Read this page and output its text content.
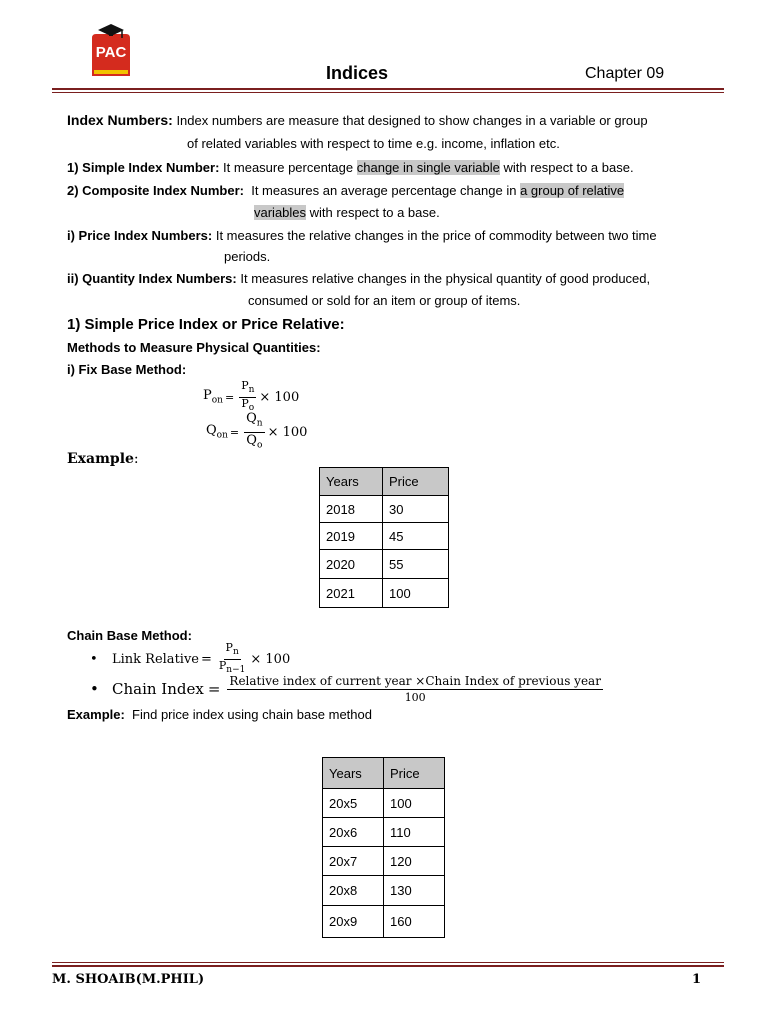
PAC
Indices	Chapter 09
Index Numbers: Index numbers are measure that designed to show changes in a variable or group
of related variables with respect to time e.g. income, inflation etc.
1) Simple Index Number: It measure percentage change in single variable with respect to a base.
2) Composite Index Number: It measures an average percentage change in a group of relative
variables with respect to a base.
i) Price Index Numbers: It measures the relative changes in the price of commodity between two time
periods.
ii) Quantity Index Numbers: It measures relative changes in the physical quantity of good produced,
consumed or sold for an item or group of items.
1) Simple Price Index or Price Relative:
Methods to Measure Physical Quantities:
i) Fix Base Method:
$P_{on} = \frac{P_n}{P_o} \times 100$
$Q_{on} = \frac{Q_n}{Q_o} \times 100$
Example:
Years	Price
2018	30
2019	45
2020	55
2021	100
Chain Base Method:
•	Link Relative = $\frac{P_n}{P_{n-1}} \times 100$
• Chain Index = $\frac{\text{Relative index of current year ×Chain Index of previous year}}{100}$
Example: Find price index using chain base method
Years	Price
20x5	100
20x6	110
20x7	120
20x8	130
20x9	160
M. SHOAIB(M.PHIL)	1
